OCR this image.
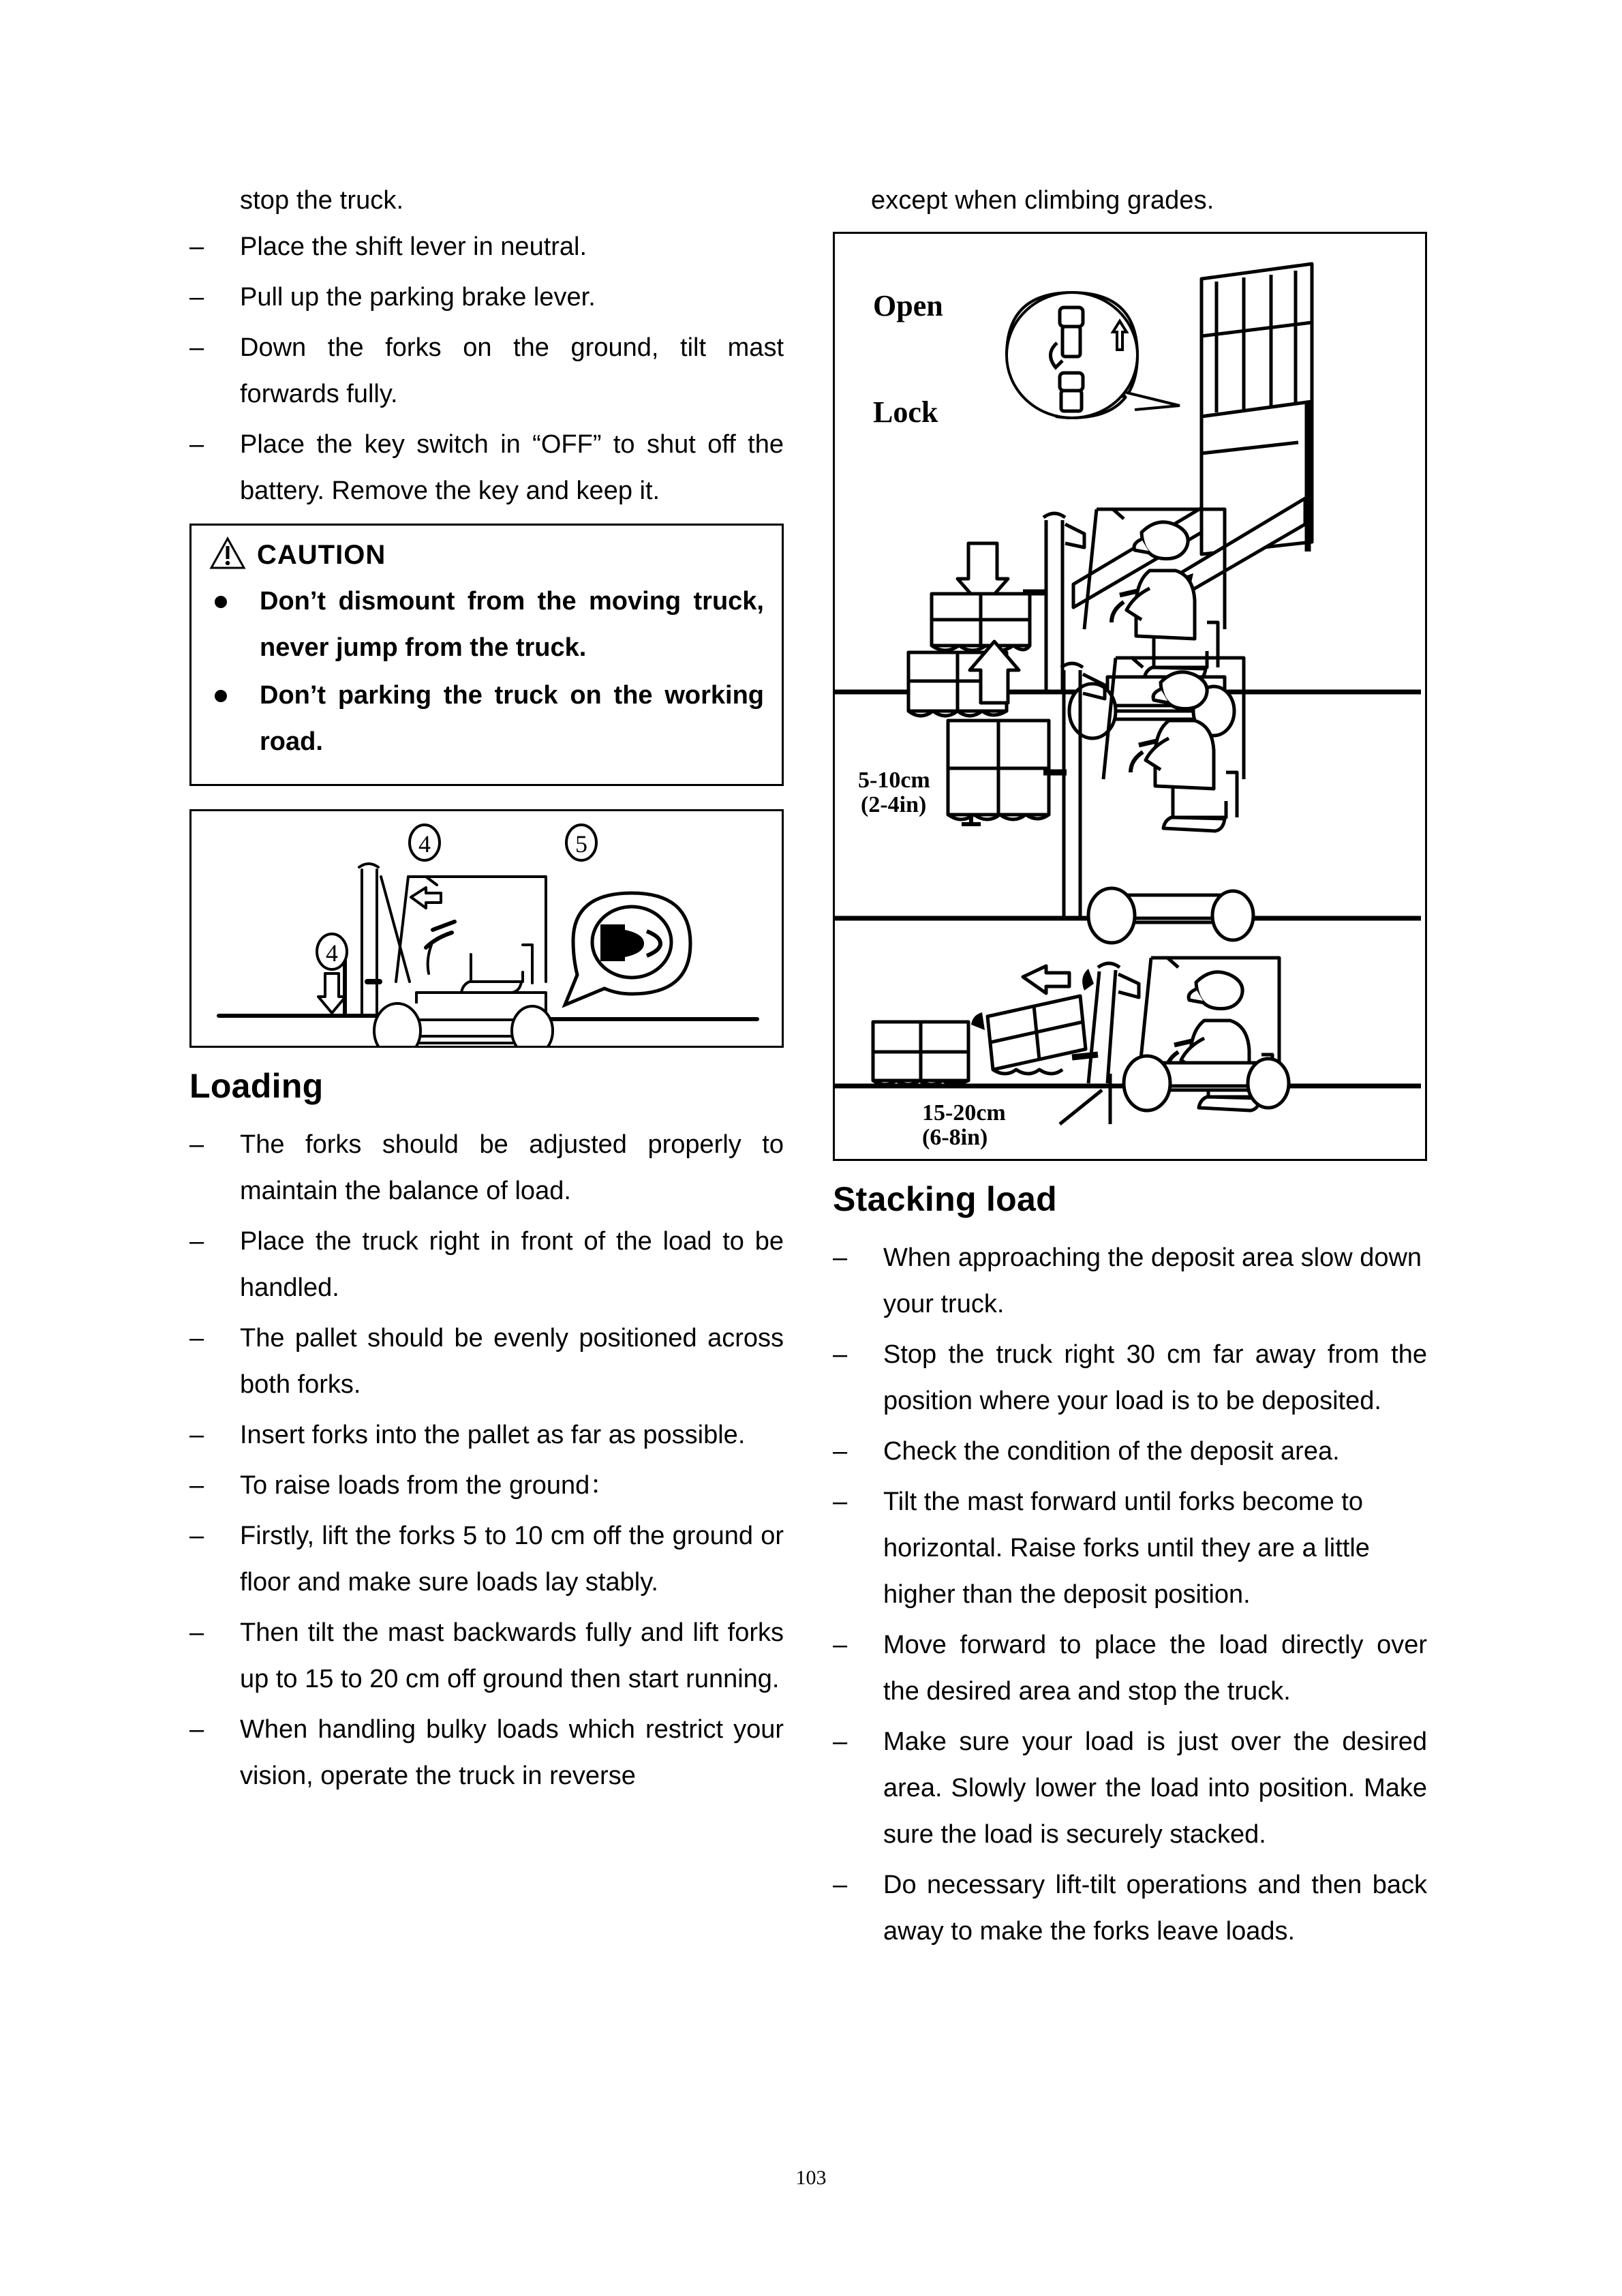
stop the truck.
–	Place the shift lever in neutral.
–	Pull up the parking brake lever.
–	Down the forks on the ground, tilt mast forwards fully.
–	Place the key switch in “OFF” to shut off the battery. Remove the key and keep it.
CAUTION
Don’t dismount from the moving truck, never jump from the truck.
Don’t parking the truck on the working road.
4	5
4
Loading
–	The forks should be adjusted properly to maintain the balance of load.
–	Place the truck right in front of the load to be handled.
–	The pallet should be evenly positioned across both forks.
–	Insert forks into the pallet as far as possible.
–	To raise loads from the ground：
–	Firstly, lift the forks 5 to 10 cm off the ground or floor and make sure loads lay stably.
–	Then tilt the mast backwards fully and lift forks up to 15 to 20 cm off ground then start running.
–	When handling bulky loads which restrict your vision, operate the truck in reverse
except when climbing grades.
Open
Lock
5-10cm
(2-4in)
15-20cm
(6-8in)
Stacking load
–	When approaching the deposit area slow down your truck.
–	Stop the truck right 30 cm far away from the position where your load is to be deposited.
–	Check the condition of the deposit area.
–	Tilt the mast forward until forks become to horizontal. Raise forks until they are a little higher than the deposit position.
–	Move forward to place the load directly over the desired area and stop the truck.
–	Make sure your load is just over the desired area. Slowly lower the load into position. Make sure the load is securely stacked.
–	Do necessary lift-tilt operations and then back away to make the forks leave loads.
103
